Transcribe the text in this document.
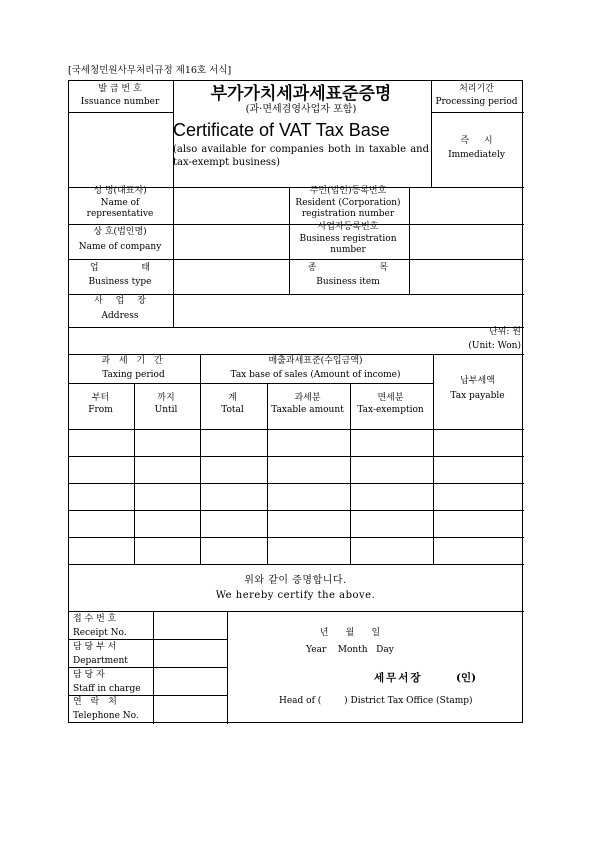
[국세청민원사무처리규정 제16호 서식]
발 급 번 호
Issuance number	부가가치세과세표준증명
(과·면세겸영사업자 포함)
Certificate of VAT Tax Base
(also available for companies both in taxable and tax-exempt business)
처리기간
Processing period
즉 시
Immediately
성 명(대표자)
Name of
representative
주민(법인)등록번호
Resident (Corporation)
registration number
상 호(법인명)
Name of company
사업자등록번호
Business registration
number
업 태
Business type
종 목
Business item
사 업 장
Address
단위: 원
(Unit: Won)
과 세 기 간
Taxing period
매출과세표준(수입금액)
Tax base of sales (Amount of income)
납부세액
Tax payable
부터
From
까지
Until
계
Total
과세분
Taxable amount
면세분
Tax-exemption
위와 같이 증명합니다.
We hereby certify the above.
접 수 번 호
Receipt No.
담 당 부 서
Department
담 당 자
Staff in charge
연 락 처
Telephone No.
년      월      일
Year    Month   Day
세무서장	(인)
Head of (        ) District Tax Office (Stamp)
